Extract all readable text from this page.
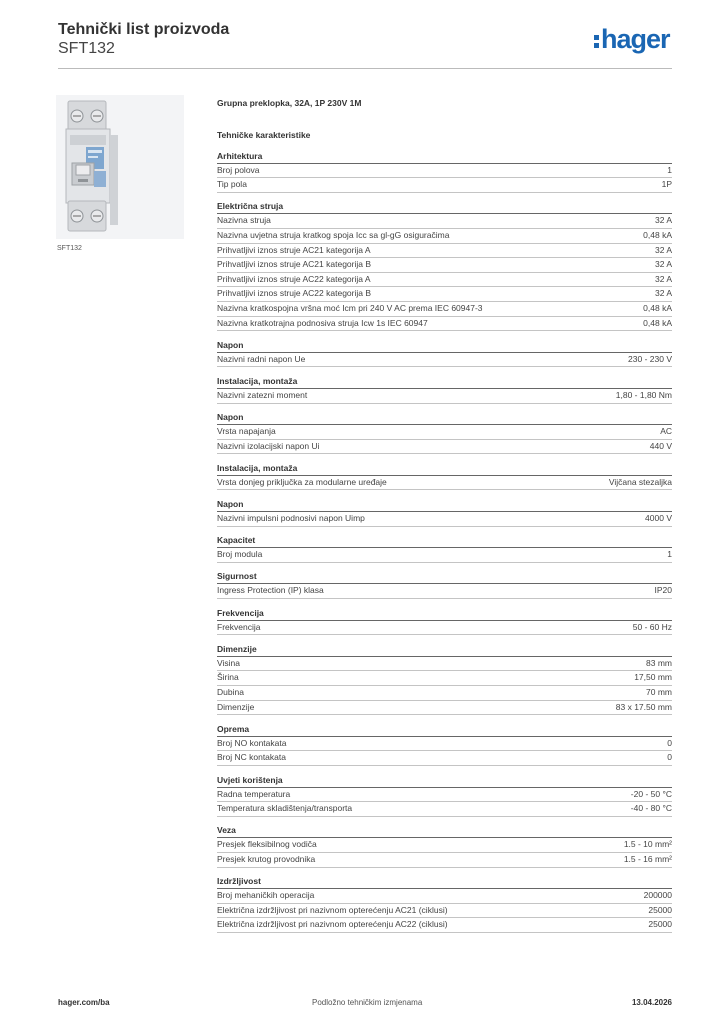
Tehnički list proizvoda
SFT132	hager
SFT132
Grupna preklopka, 32A, 1P 230V 1M
Tehničke karakteristike
Arhitektura
Broj polova	1
Tip pola	1P
Električna struja
Nazivna struja	32 A
Nazivna uvjetna struja kratkog spoja Icc sa gl-gG osiguračima	0,48 kA
Prihvatljivi iznos struje AC21 kategorija A	32 A
Prihvatljivi iznos struje AC21 kategorija B	32 A
Prihvatljivi iznos struje AC22 kategorija A	32 A
Prihvatljivi iznos struje AC22 kategorija B	32 A
Nazivna kratkospojna vršna moć Icm pri 240 V AC prema IEC 60947-3	0,48 kA
Nazivna kratkotrajna podnosiva struja Icw 1s IEC 60947	0,48 kA
Napon
Nazivni radni napon Ue	230 - 230 V
Instalacija, montaža
Nazivni zatezni moment	1,80 - 1,80 Nm
Napon
Vrsta napajanja	AC
Nazivni izolacijski napon Ui	440 V
Instalacija, montaža
Vrsta donjeg priključka za modularne uređaje	Vijčana stezaljka
Napon
Nazivni impulsni podnosivi napon Uimp	4000 V
Kapacitet
Broj modula	1
Sigurnost
Ingress Protection (IP) klasa	IP20
Frekvencija
Frekvencija	50 - 60 Hz
Dimenzije
Visina	83 mm
Širina	17,50 mm
Dubina	70 mm
Dimenzije	83 x 17.50 mm
Oprema
Broj NO kontakata	0
Broj NC kontakata	0
Uvjeti korištenja
Radna temperatura	-20 - 50 °C
Temperatura skladištenja/transporta	-40 - 80 °C
Veza
Presjek fleksibilnog vodiča	1.5 - 10 mm²
Presjek krutog provodnika	1.5 - 16 mm²
Izdržljivost
Broj mehaničkih operacija	200000
Električna izdržljivost pri nazivnom opterećenju AC21 (ciklusi)	25000
Električna izdržljivost pri nazivnom opterećenju AC22 (ciklusi)	25000
hager.com/ba	Podložno tehničkim izmjenama	13.04.2026
